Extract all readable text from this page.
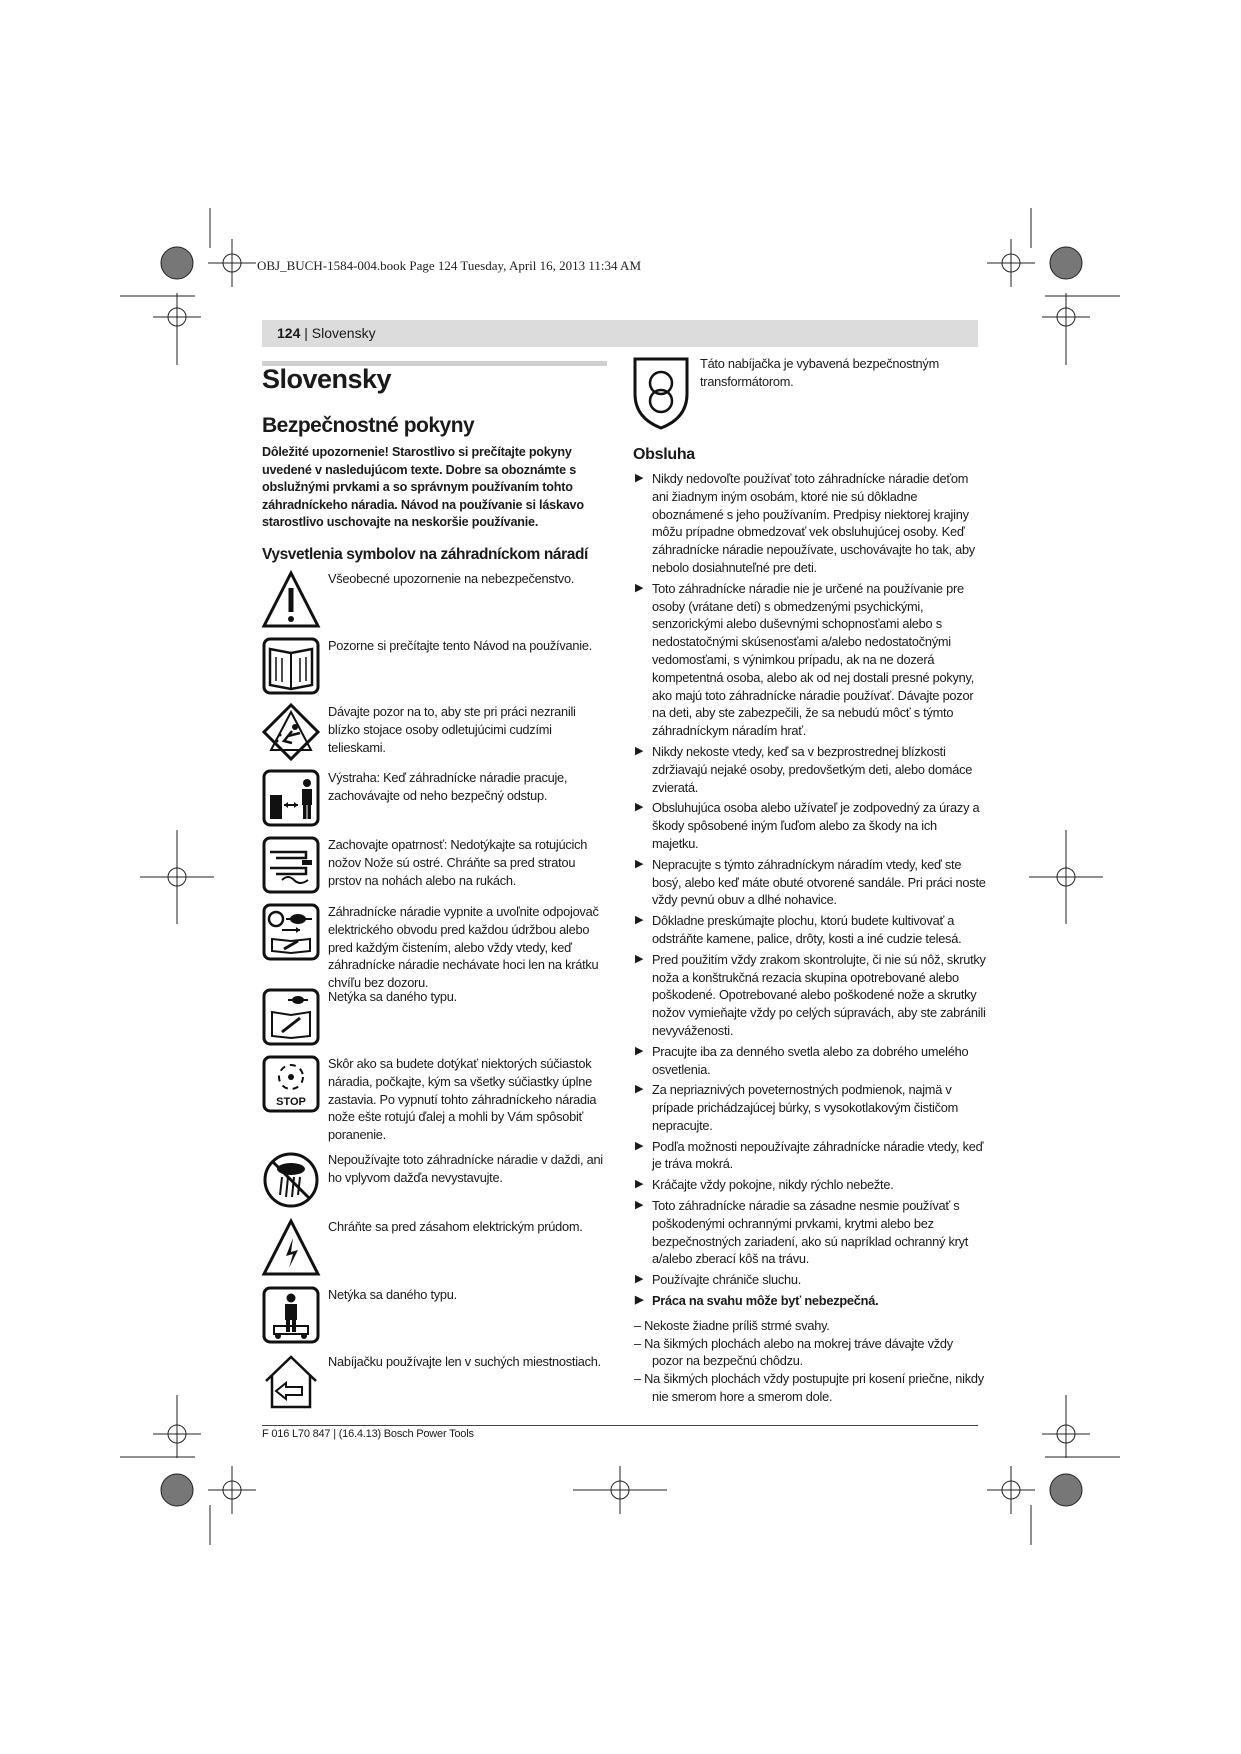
OBJ_BUCH-1584-004.book Page 124 Tuesday, April 16, 2013 11:34 AM
124 | Slovensky
Slovensky
Bezpečnostné pokyny
Dôležité upozornenie! Starostlivo si prečítajte pokyny uvedené v nasledujúcom texte. Dobre sa oboznámte s obslužnými prvkami a so správnym používaním tohto záhradníckeho náradia. Návod na používanie si láskavo starostlivo uschovajte na neskoršie používanie.
Vysvetlenia symbolov na záhradníckom náradí
Všeobecné upozornenie na nebezpečenstvo.
Pozorne si prečítajte tento Návod na používanie.
Dávajte pozor na to, aby ste pri práci nezranili blízko stojace osoby odletujúcimi cudzími telieskami.
Výstraha: Keď záhradnícke náradie pracuje, zachovávajte od neho bezpečný odstup.
Zachovajte opatrnosť: Nedotýkajte sa rotujúcich nožov Nože sú ostré. Chráňte sa pred stratou prstov na nohách alebo na rukách.
Záhradnícke náradie vypnite a uvoľnite odpojovač elektrického obvodu pred každou údržbou alebo pred každým čistením, alebo vždy vtedy, keď záhradnícke náradie nechávate hoci len na krátku chvíľu bez dozoru.
Netýka sa daného typu.
STOP
Skôr ako sa budete dotýkať niektorých súčiastok náradia, počkajte, kým sa všetky súčiastky úplne zastavia. Po vypnutí tohto záhradníckeho náradia nože ešte rotujú ďalej a mohli by Vám spôsobiť poranenie.
Nepoužívajte toto záhradnícke náradie v daždi, ani ho vplyvom dažďa nevystavujte.
Chráňte sa pred zásahom elektrickým prúdom.
Netýka sa daného typu.
Nabíjačku používajte len v suchých miestnostiach.
Táto nabíjačka je vybavená bezpečnostným transformátorom.
Obsluha
▶ Nikdy nedovoľte používať toto záhradnícke náradie deťom ani žiadnym iným osobám, ktoré nie sú dôkladne oboznámené s jeho používaním. Predpisy niektorej krajiny môžu prípadne obmedzovať vek obsluhujúcej osoby. Keď záhradnícke náradie nepoužívate, uschovávajte ho tak, aby nebolo dosiahnuteľné pre deti.
▶ Toto záhradnícke náradie nie je určené na používanie pre osoby (vrátane detí) s obmedzenými psychickými, senzorickými alebo duševnými schopnosťami alebo s nedostatočnými skúsenosťami a/alebo nedostatočnými vedomosťami, s výnimkou prípadu, ak na ne dozerá kompetentná osoba, alebo ak od nej dostali presné pokyny, ako majú toto záhradnícke náradie používať. Dávajte pozor na deti, aby ste zabezpečili, že sa nebudú môcť s týmto záhradníckym náradím hrať.
▶ Nikdy nekoste vtedy, keď sa v bezprostrednej blízkosti zdržiavajú nejaké osoby, predovšetkým deti, alebo domáce zvieratá.
▶ Obsluhujúca osoba alebo užívateľ je zodpovedný za úrazy a škody spôsobené iným ľuďom alebo za škody na ich majetku.
▶ Nepracujte s týmto záhradníckym náradím vtedy, keď ste bosý, alebo keď máte obuté otvorené sandále. Pri práci noste vždy pevnú obuv a dlhé nohavice.
▶ Dôkladne preskúmajte plochu, ktorú budete kultivovať a odstráňte kamene, palice, drôty, kosti a iné cudzie telesá.
▶ Pred použitím vždy zrakom skontrolujte, či nie sú nôž, skrutky noža a konštrukčná rezacia skupina opotrebované alebo poškodené. Opotrebované alebo poškodené nože a skrutky nožov vymieňajte vždy po celých súpravách, aby ste zabránili nevyváženosti.
▶ Pracujte iba za denného svetla alebo za dobrého umelého osvetlenia.
▶ Za nepriaznivých poveternostných podmienok, najmä v prípade prichádzajúcej búrky, s vysokotlakovým čističom nepracujte.
▶ Podľa možnosti nepoužívajte záhradnícke náradie vtedy, keď je tráva mokrá.
▶ Kráčajte vždy pokojne, nikdy rýchlo nebežte.
▶ Toto záhradnícke náradie sa zásadne nesmie používať s poškodenými ochrannými prvkami, krytmi alebo bez bezpečnostných zariadení, ako sú napríklad ochranný kryt a/alebo zberací kôš na trávu.
▶ Používajte chrániče sluchu.
▶ Práca na svahu môže byť nebezpečná.
– Nekoste žiadne príliš strmé svahy.
– Na šikmých plochách alebo na mokrej tráve dávajte vždy pozor na bezpečnú chôdzu.
– Na šikmých plochách vždy postupujte pri kosení priečne, nikdy nie smerom hore a smerom dole.
F 016 L70 847 | (16.4.13) Bosch Power Tools
